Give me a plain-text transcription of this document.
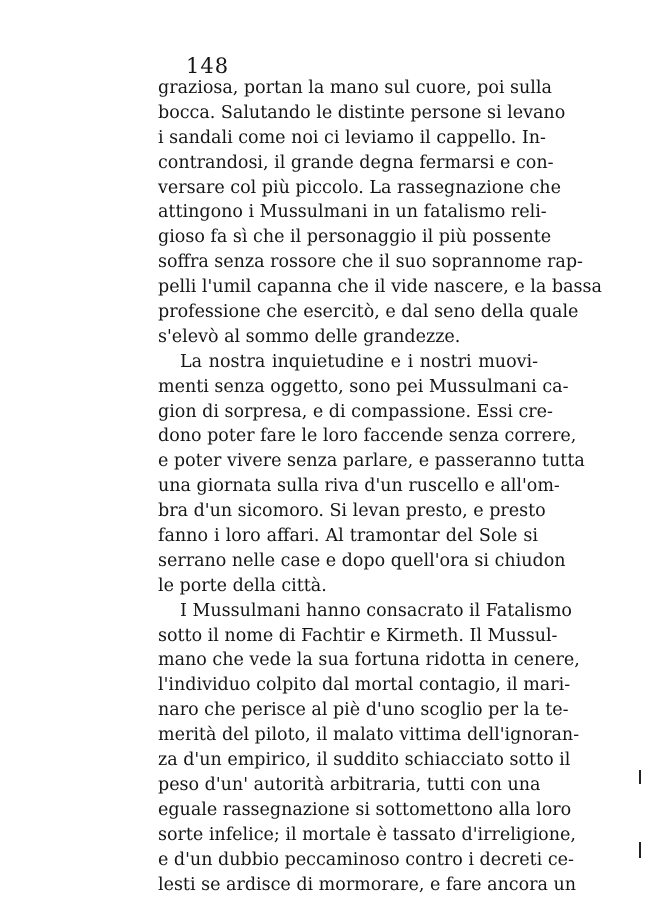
148
graziosa, portan la mano sul cuore, poi sulla
bocca. Salutando le distinte persone si levano
i sandali come noi ci leviamo il cappello. In-
contrandosi, il grande degna fermarsi e con-
versare col più piccolo. La rassegnazione che
attingono i Mussulmani in un fatalismo reli-
gioso fa sì che il personaggio il più possente
soffra senza rossore che il suo soprannome rap-
pelli l'umil capanna che il vide nascere, e la bassa
professione che esercitò, e dal seno della quale
s'elevò al sommo delle grandezze.
La nostra inquietudine e i nostri muovi-
menti senza oggetto, sono pei Mussulmani ca-
gion di sorpresa, e di compassione. Essi cre-
dono poter fare le loro faccende senza correre,
e poter vivere senza parlare, e passeranno tutta
una giornata sulla riva d'un ruscello e all'om-
bra d'un sicomoro. Si levan presto, e presto
fanno i loro affari. Al tramontar del Sole si
serrano nelle case e dopo quell'ora si chiudon
le porte della città.
I Mussulmani hanno consacrato il Fatalismo
sotto il nome di Fachtir e Kirmeth. Il Mussul-
mano che vede la sua fortuna ridotta in cenere,
l'individuo colpito dal mortal contagio, il mari-
naro che perisce al piè d'uno scoglio per la te-
merità del piloto, il malato vittima dell'ignoran-
za d'un empirico, il suddito schiacciato sotto il
peso d'un' autorità arbitraria, tutti con una
eguale rassegnazione si sottomettono alla loro
sorte infelice; il mortale è tassato d'irreligione,
e d'un dubbio peccaminoso contro i decreti ce-
lesti se ardisce di mormorare, e fare ancora un
